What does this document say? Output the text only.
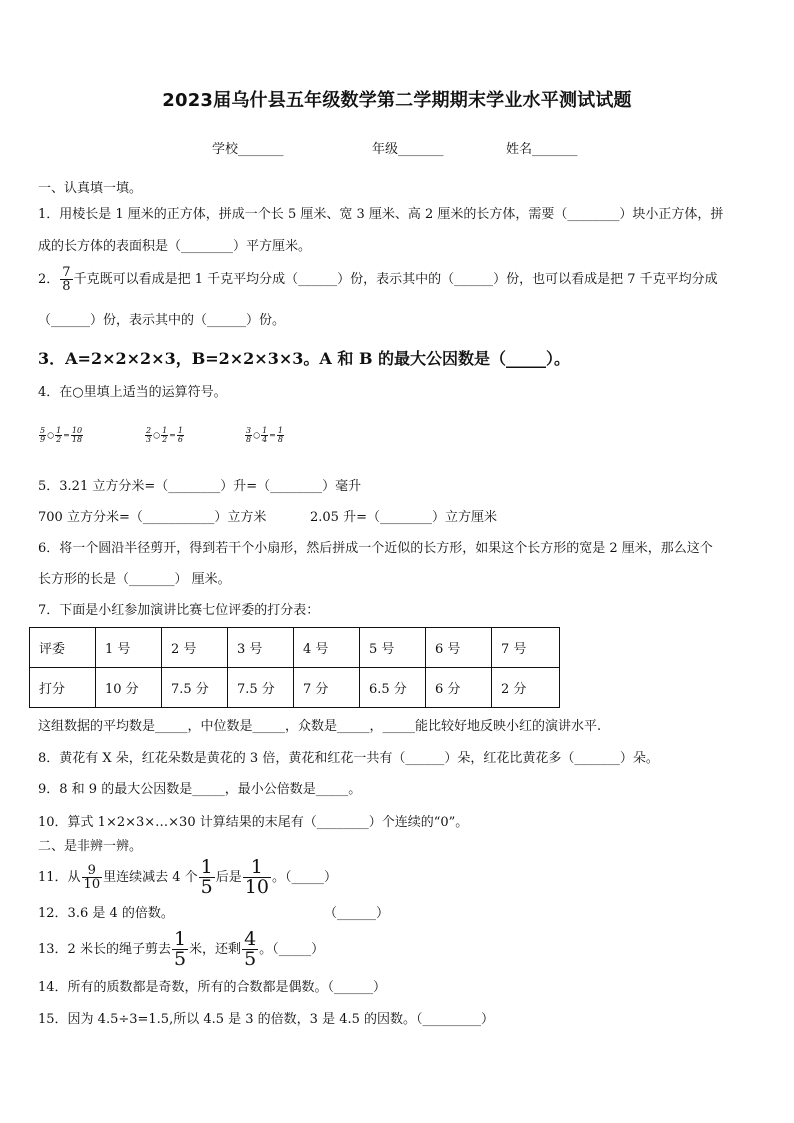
2023届乌什县五年级数学第二学期期末学业水平测试试题
学校_______	年级_______	姓名_______
一、认真填一填。
1．用棱长是 1 厘米的正方体，拼成一个长 5 厘米、宽 3 厘米、高 2 厘米的长方体，需要（________）块小正方体，拼
成的长方体的表面积是（________）平方厘米。
2． $\frac{7}{8}$ 千克既可以看成是把 1 千克平均分成（______）份，表示其中的（______）份，也可以看成是把 7 千克平均分成
（______）份，表示其中的（______）份。
3．A=2×2×2×3，B=2×2×3×3。A 和 B 的最大公因数是（_____）。
4．在○里填上适当的运算符号。
$\frac{5}{9}$ ○ $\frac{1}{2} = \frac{10}{18}$	$\frac{2}{3}$ ○ $\frac{1}{2} = \frac{1}{6}$	$\frac{3}{8}$ ○ $\frac{1}{4} = \frac{1}{8}$
5．3.21 立方分米=（________）升=（________）毫升
700 立方分米=（___________）立方米	2.05 升=（________）立方厘米
6．将一个圆沿半径剪开，得到若干个小扇形，然后拼成一个近似的长方形，如果这个长方形的宽是 2 厘米，那么这个
长方形的长是（_______） 厘米。
7．下面是小红参加演讲比赛七位评委的打分表：
评委	1 号	2 号	3 号	4 号	5 号	6 号	7 号
打分	10 分	7.5 分	7.5 分	7 分	6.5 分	6 分	2 分
这组数据的平均数是_____，中位数是_____，众数是_____，_____能比较好地反映小红的演讲水平.
8．黄花有 X 朵，红花朵数是黄花的 3 倍，黄花和红花一共有（______）朵，红花比黄花多（_______）朵。
9．8 和 9 的最大公因数是_____，最小公倍数是_____。
10．算式 1×2×3×…×30 计算结果的末尾有（________）个连续的“0”。
二、是非辨一辨。
11．从 $\frac{9}{10}$ 里连续减去 4 个 $\frac{1}{5}$ 后是 $\frac{1}{10}$ 。（_____）
12．3.6 是 4 的倍数。	（______）
13．2 米长的绳子剪去 $\frac{1}{5}$ 米，还剩 $\frac{4}{5}$ 。（_____）
14．所有的质数都是奇数，所有的合数都是偶数。（______）
15．因为 4.5÷3=1.5,所以 4.5 是 3 的倍数，3 是 4.5 的因数。（_________）
